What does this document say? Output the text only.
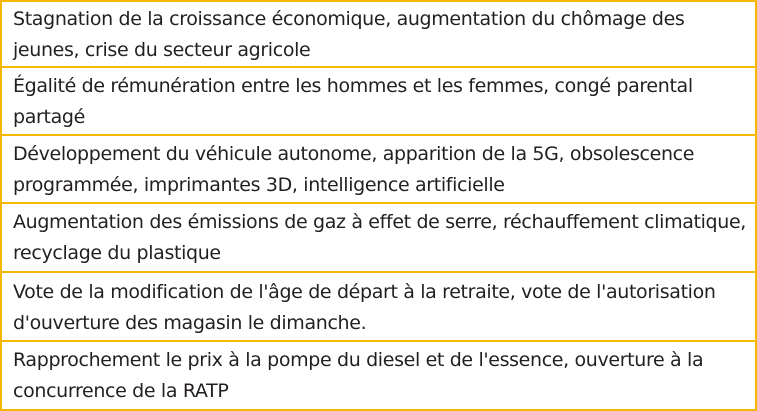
Stagnation de la croissance économique, augmentation du chômage des
jeunes, crise du secteur agricole
Égalité de rémunération entre les hommes et les femmes, congé parental
partagé
Développement du véhicule autonome, apparition de la 5G, obsolescence
programmée, imprimantes 3D, intelligence artificielle
Augmentation des émissions de gaz à effet de serre, réchauffement climatique,
recyclage du plastique
Vote de la modification de l'âge de départ à la retraite, vote de l'autorisation
d'ouverture des magasin le dimanche.
Rapprochement le prix à la pompe du diesel et de l'essence, ouverture à la
concurrence de la RATP
